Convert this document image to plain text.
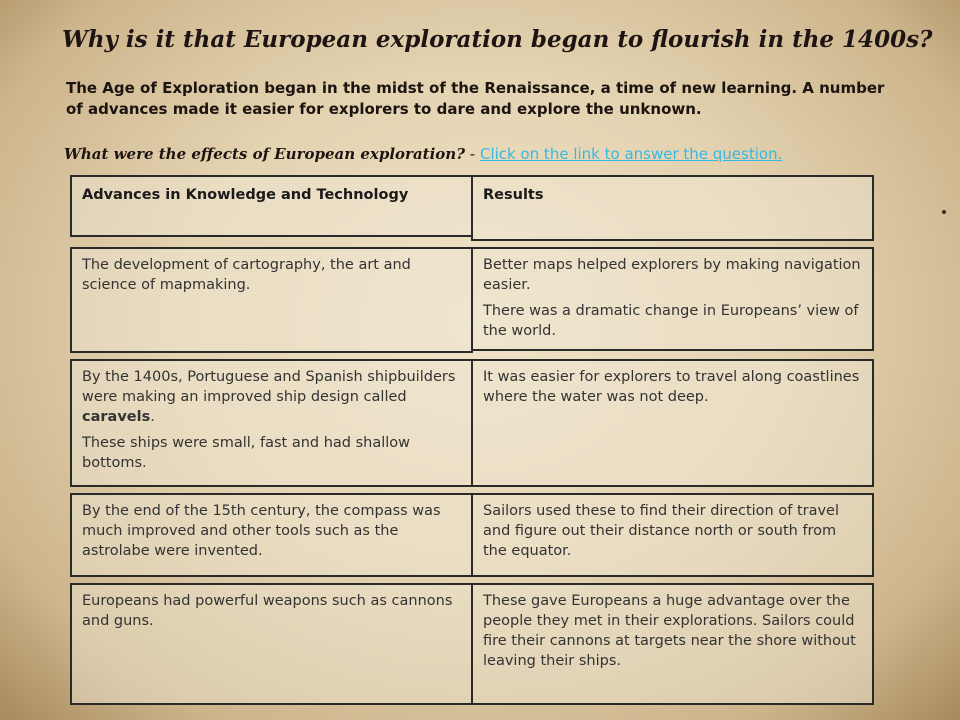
Why is it that European exploration began to flourish in the 1400s?

The Age of Exploration began in the midst of the Renaissance, a time of new learning. A number of advances made it easier for explorers to dare and explore the unknown.

What were the effects of European exploration? - Click on the link to answer the question.
Advances in Knowledge and Technology	Results

The development of cartography, the art and science of mapmaking.

Better maps helped explorers by making navigation easier.

There was a dramatic change in Europeans’ view of the world.

By the 1400s, Portuguese and Spanish shipbuilders were making an improved ship design called caravels.

These ships were small, fast and had shallow bottoms.

It was easier for explorers to travel along coastlines where the water was not deep.

By the end of the 15th century, the compass was much improved and other tools such as the astrolabe were invented.

Sailors used these to find their direction of travel and figure out their distance north or south from the equator.

Europeans had powerful weapons such as cannons and guns.

These gave Europeans a huge advantage over the people they met in their explorations. Sailors could fire their cannons at targets near the shore without leaving their ships.
